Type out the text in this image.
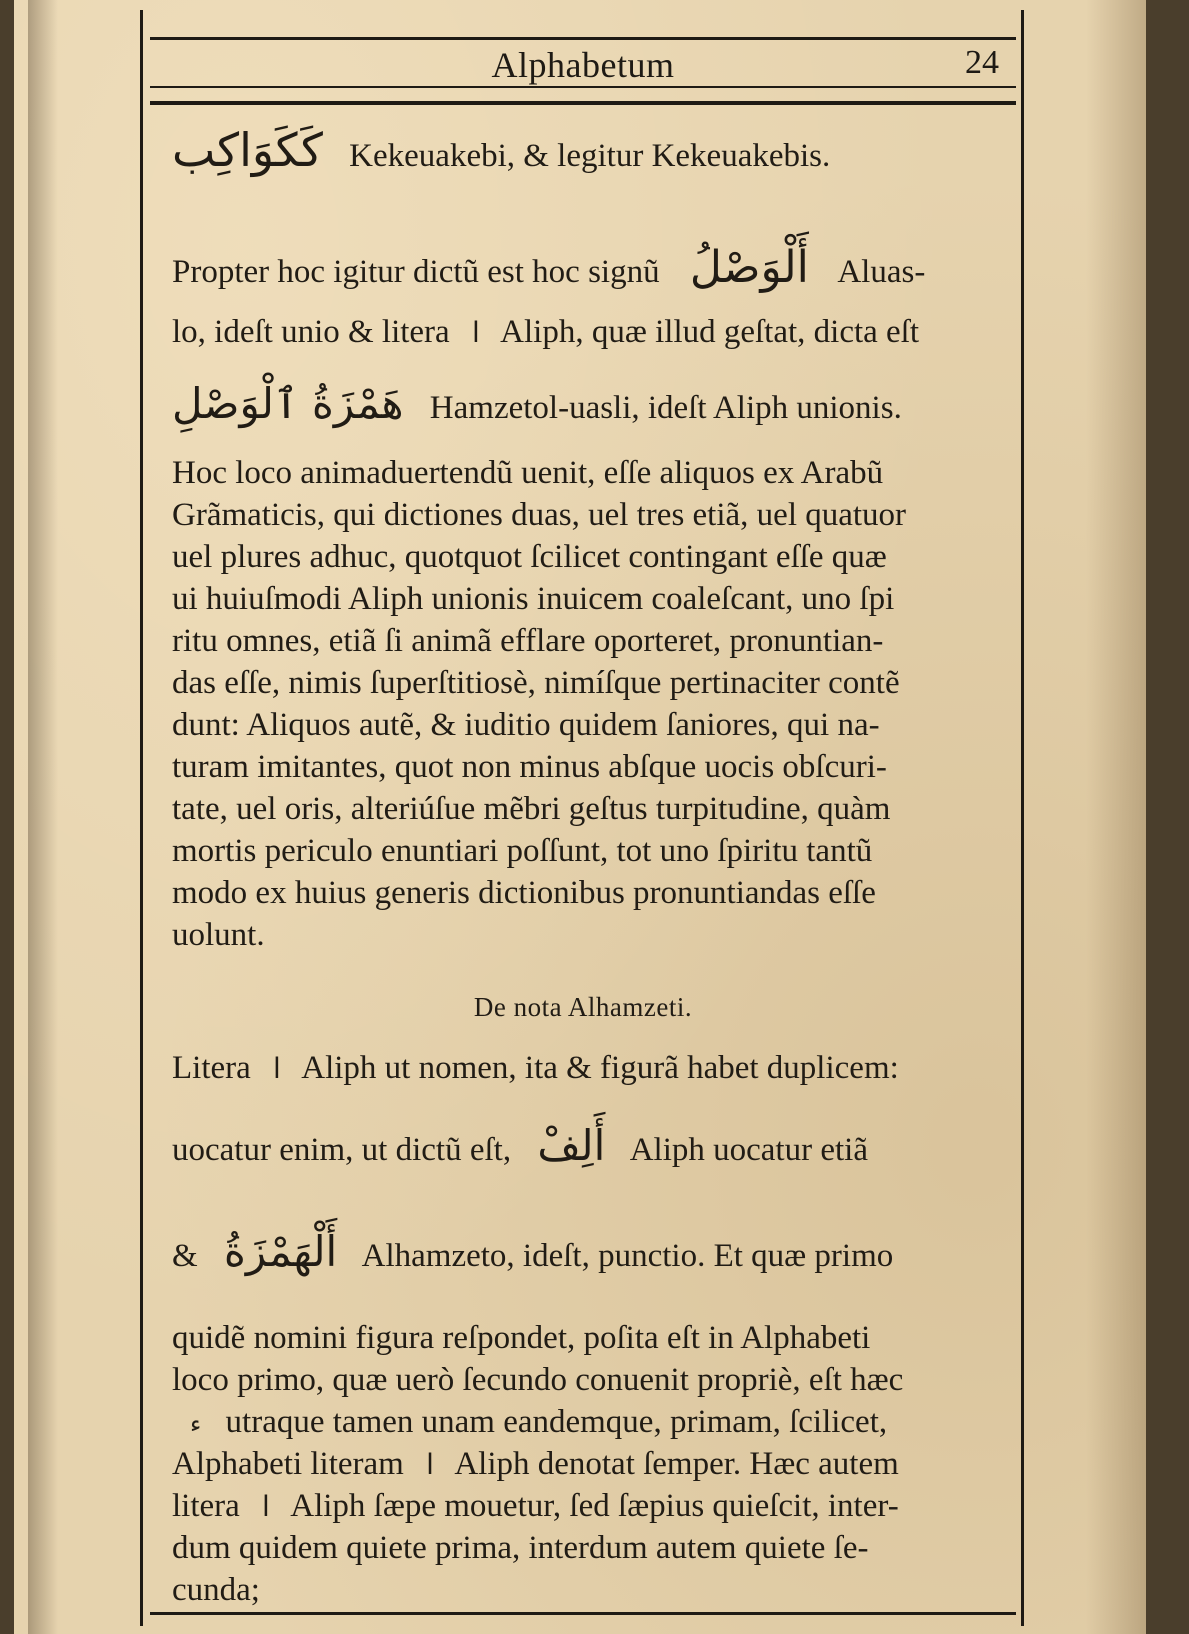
Alphabetum	24
كَكَوَاكِب Kekeuakebi, & legitur Kekeuakebis.
Propter hoc igitur dictũ est hoc signũ أَلْوَصْلُ Aluas-
lo, ideſt unio & litera ا Aliph, quæ illud geſtat, dicta eſt
هَمْزَةُ ٱلْوَصْلِ Hamzetol-uasli, ideſt Aliph unionis.
Hoc loco animaduertendũ uenit, eſſe aliquos ex Arabũ
Grãmaticis, qui dictiones duas, uel tres etiã, uel quatuor
uel plures adhuc, quotquot ſcilicet contingant eſſe quæ
ui huiuſmodi Aliph unionis inuicem coaleſcant, uno ſpi
ritu omnes, etiã ſi animã efflare oporteret, pronuntian-
das eſſe, nimis ſuperſtitiosè, nimíſque pertinaciter contẽ
dunt: Aliquos autẽ, & iuditio quidem ſaniores, qui na-
turam imitantes, quot non minus abſque uocis obſcuri-
tate, uel oris, alteriúſue mẽbri geſtus turpitudine, quàm
mortis periculo enuntiari poſſunt, tot uno ſpiritu tantũ
modo ex huius generis dictionibus pronuntiandas eſſe
uolunt.
De nota Alhamzeti.
Litera ا Aliph ut nomen, ita & figurã habet duplicem:
uocatur enim, ut dictũ eſt, أَلِفْ Aliph uocatur etiã
& أَلْهَمْزَةُ Alhamzeto, ideſt, punctio. Et quæ primo
quidẽ nomini figura reſpondet, poſita eſt in Alphabeti
loco primo, quæ uerò ſecundo conuenit propriè, eſt hæc
ء utraque tamen unam eandemque, primam, ſcilicet,
Alphabeti literam ا Aliph denotat ſemper. Hæc autem
litera ا Aliph ſæpe mouetur, ſed ſæpius quieſcit, inter-
dum quidem quiete prima, interdum autem quiete ſe-
cunda;
